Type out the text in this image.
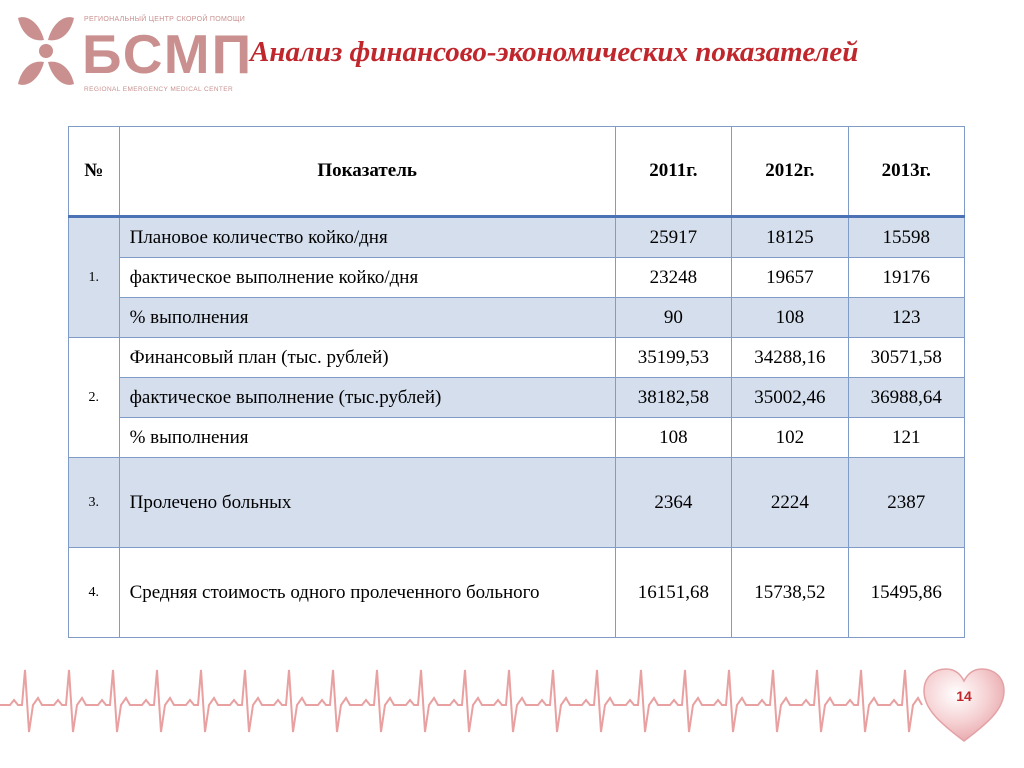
РЕГИОНАЛЬНЫЙ ЦЕНТР СКОРОЙ ПОМОЩИ
БСМП
REGIONAL EMERGENCY MEDICAL CENTER
Анализ финансово-экономических показателей
№	Показатель	2011г.	2012г.	2013г.
1.	Плановое количество койко/дня	25917	18125	15598
	фактическое выполнение койко/дня	23248	19657	19176
	% выполнения	90	108	123
2.	Финансовый план (тыс. рублей)	35199,53	34288,16	30571,58
	фактическое выполнение (тыс.рублей)	38182,58	35002,46	36988,64
	% выполнения	108	102	121
3.	Пролечено больных	2364	2224	2387
4.	Средняя стоимость одного пролеченного больного	16151,68	15738,52	15495,86
14
